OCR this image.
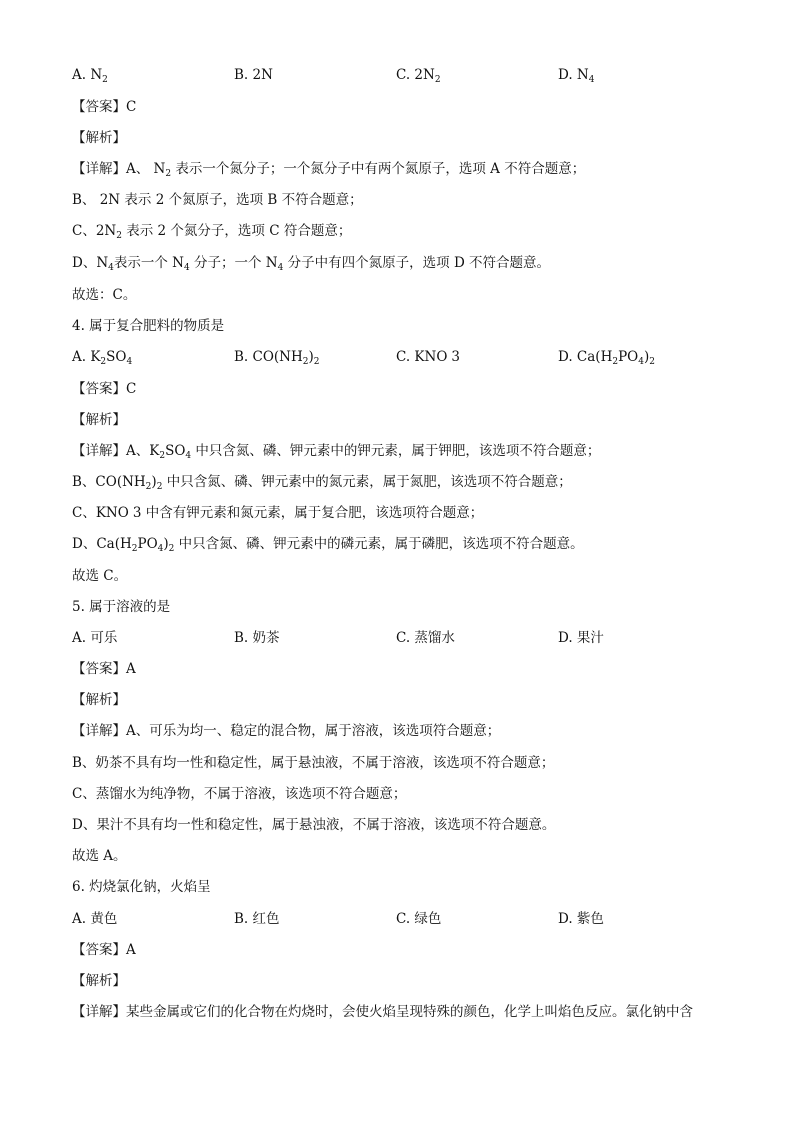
A. $N_2$	B. 2N	C. $2N_2$	D. $N_4$
【答案】C
【解析】
【详解】A、 $N_2$ 表示一个氮分子；一个氮分子中有两个氮原子，选项 A 不符合题意；
B、 2N 表示 2 个氮原子，选项 B 不符合题意；
C、$2N_2$ 表示 2 个氮分子，选项 C 符合题意；
D、$N_4$表示一个 $N_4$ 分子；一个 $N_4$ 分子中有四个氮原子，选项 D 不符合题意。
故选：C。
4. 属于复合肥料的物质是
A. $K_2SO_4$	B. $CO(NH_2)_2$	C. KNO  3	D. $Ca(H_2PO_4)_2$
【答案】C
【解析】
【详解】A、$K_2SO_4$ 中只含氮、磷、钾元素中的钾元素，属于钾肥，该选项不符合题意；
B、$CO(NH_2)_2$ 中只含氮、磷、钾元素中的氮元素，属于氮肥，该选项不符合题意；
C、KNO  3 中含有钾元素和氮元素，属于复合肥，该选项符合题意；
D、$Ca(H_2PO_4)_2$ 中只含氮、磷、钾元素中的磷元素，属于磷肥，该选项不符合题意。
故选 C。
5. 属于溶液的是
A. 可乐	B. 奶茶	C. 蒸馏水	D. 果汁
【答案】A
【解析】
【详解】A、可乐为均一、稳定的混合物，属于溶液，该选项符合题意；
B、奶茶不具有均一性和稳定性，属于悬浊液，不属于溶液，该选项不符合题意；
C、蒸馏水为纯净物，不属于溶液，该选项不符合题意；
D、果汁不具有均一性和稳定性，属于悬浊液，不属于溶液，该选项不符合题意。
故选 A。
6. 灼烧氯化钠，火焰呈
A. 黄色	B. 红色	C. 绿色	D. 紫色
【答案】A
【解析】
【详解】某些金属或它们的化合物在灼烧时，会使火焰呈现特殊的颜色，化学上叫焰色反应。氯化钠中含
